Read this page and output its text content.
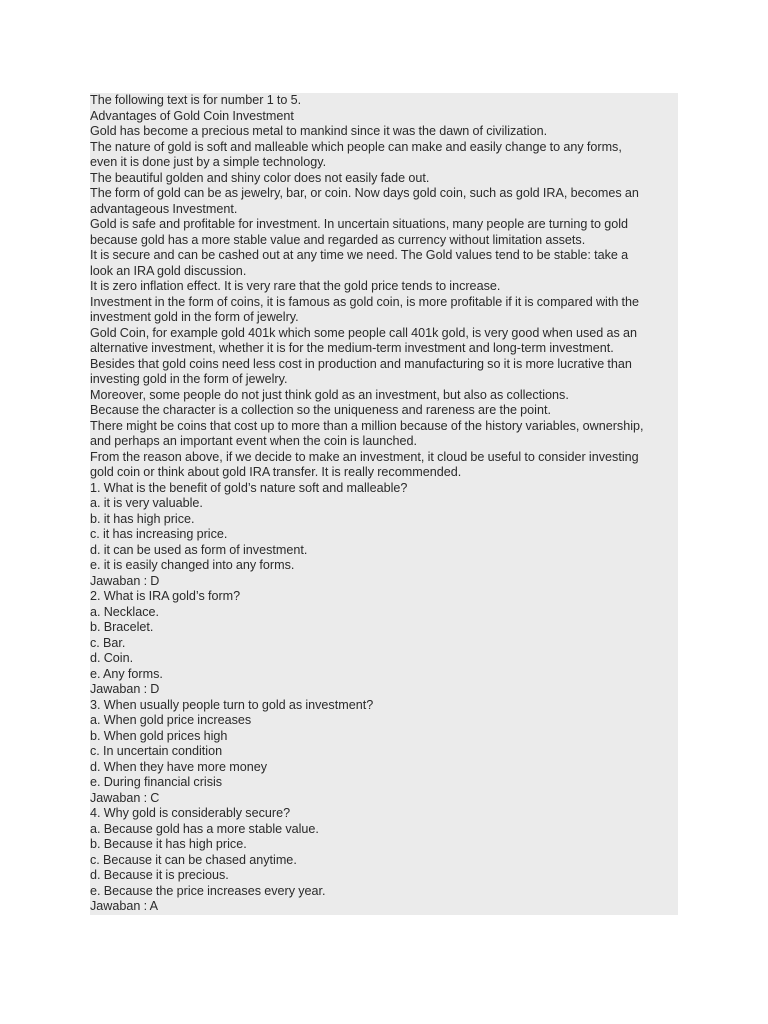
The following text is for number 1 to 5.
Advantages of Gold Coin Investment
Gold has become a precious metal to mankind since it was the dawn of civilization.
The nature of gold is soft and malleable which people can make and easily change to any forms,
even it is done just by a simple technology.
The beautiful golden and shiny color does not easily fade out.
The form of gold can be as jewelry, bar, or coin. Now days gold coin, such as gold IRA, becomes an
advantageous Investment.
Gold is safe and profitable for investment. In uncertain situations, many people are turning to gold
because gold has a more stable value and regarded as currency without limitation assets.
It is secure and can be cashed out at any time we need. The Gold values tend to be stable: take a
look an IRA gold discussion.
It is zero inflation effect. It is very rare that the gold price tends to increase.
Investment in the form of coins, it is famous as gold coin, is more profitable if it is compared with the
investment gold in the form of jewelry.
Gold Coin, for example gold 401k which some people call 401k gold, is very good when used as an
alternative investment, whether it is for the medium-term investment and long-term investment.
Besides that gold coins need less cost in production and manufacturing so it is more lucrative than
investing gold in the form of jewelry.
Moreover, some people do not just think gold as an investment, but also as collections.
Because the character is a collection so the uniqueness and rareness are the point.
There might be coins that cost up to more than a million because of the history variables, ownership,
and perhaps an important event when the coin is launched.
From the reason above, if we decide to make an investment, it cloud be useful to consider investing
gold coin or think about gold IRA transfer. It is really recommended.
1. What is the benefit of gold’s nature soft and malleable?
a. it is very valuable.
b. it has high price.
c. it has increasing price.
d. it can be used as form of investment.
e. it is easily changed into any forms.
Jawaban : D
2. What is IRA gold’s form?
a. Necklace.
b. Bracelet.
c. Bar.
d. Coin.
e. Any forms.
Jawaban : D
3. When usually people turn to gold as investment?
a. When gold price increases
b. When gold prices high
c. In uncertain condition
d. When they have more money
e. During financial crisis
Jawaban : C
4. Why gold is considerably secure?
a. Because gold has a more stable value.
b. Because it has high price.
c. Because it can be chased anytime.
d. Because it is precious.
e. Because the price increases every year.
Jawaban : A
